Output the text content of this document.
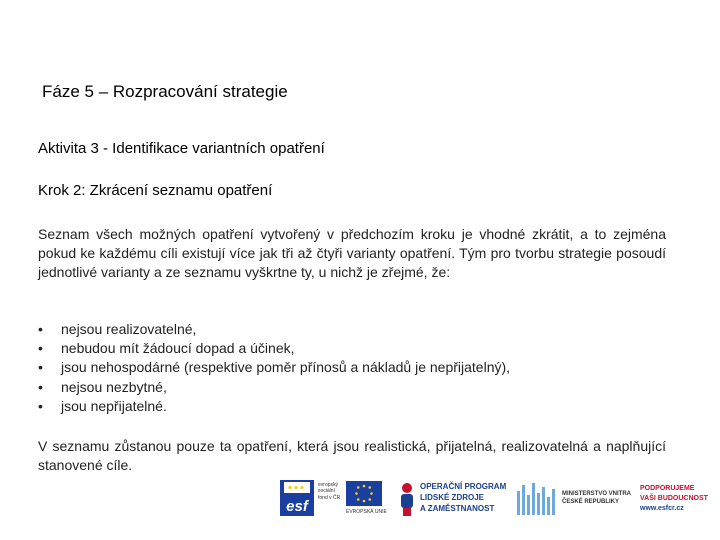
Fáze 5 – Rozpracování strategie
Aktivita 3 - Identifikace variantních opatření
Krok 2: Zkrácení seznamu opatření
Seznam všech možných opatření vytvořený v předchozím kroku je vhodné zkrátit, a to zejména pokud ke každému cíli existují více jak tři až čtyři varianty opatření. Tým pro tvorbu strategie posoudí jednotlivé varianty a ze seznamu vyškrtne ty, u nichž je zřejmé, že:
• nejsou realizovatelné,
• nebudou mít žádoucí dopad a účinek,
• jsou nehospodárné (respektive poměr přínosů a nákladů je nepřijatelný),
• nejsou nezbytné,
• jsou nepřijatelné.
V seznamu zůstanou pouze ta opatření, která jsou realistická, přijatelná, realizovatelná a naplňující stanovené cíle.
esf
evropský
sociální
fond v ČR
EVROPSKÁ UNIE
OPERAČNÍ PROGRAM
LIDSKÉ ZDROJE
A ZAMĚSTNANOST
MINISTERSTVO VNITRA
ČESKÉ REPUBLIKY
PODPORUJEME
VAŠI BUDOUCNOST
www.esfcr.cz
